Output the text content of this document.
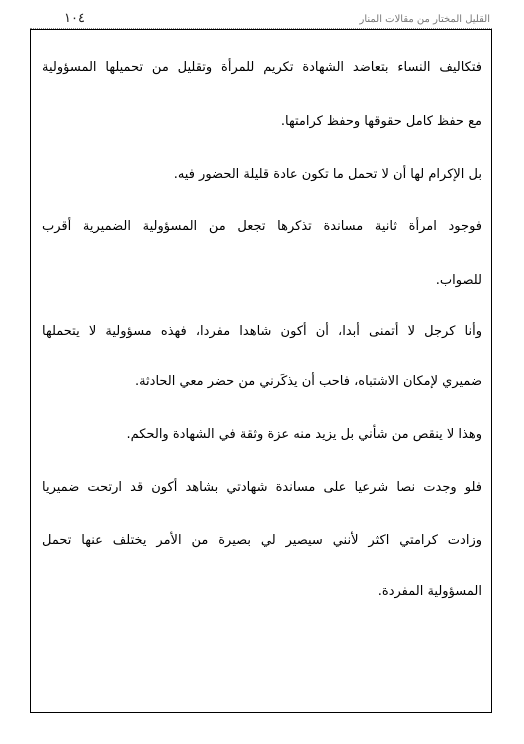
١٠٤	القليل المختار من مقالات المنار
فتكاليف النساء بتعاضد الشهادة تكريم للمرأة وتقليل من تحميلها المسؤولية
مع حفظ كامل حقوقها وحفظ كرامتها.
بل الإكرام لها أن لا تحمل ما تكون عادة قليلة الحضور فيه.
فوجود امرأة ثانية مساندة تذكرها تجعل من المسؤولية الضميرية أقرب
للصواب.
وأنا كرجل لا أتمنى أبدا، أن أكون شاهدا مفردا، فهذه مسؤولية لا يتحملها
ضميري لإمكان الاشتباه، فاحب أن يذكَرني من حضر معي الحادثة.
وهذا لا ينقص من شأني بل يزيد منه عزة وثقة في الشهادة والحكم.
فلو وجدت نصا شرعيا على مساندة شهادتي بشاهد أكون قد ارتحت ضميريا
وزادت كرامتي اكثر لأنني سيصير لي بصيرة من الأمر يختلف عنها تحمل
المسؤولية المفردة.
